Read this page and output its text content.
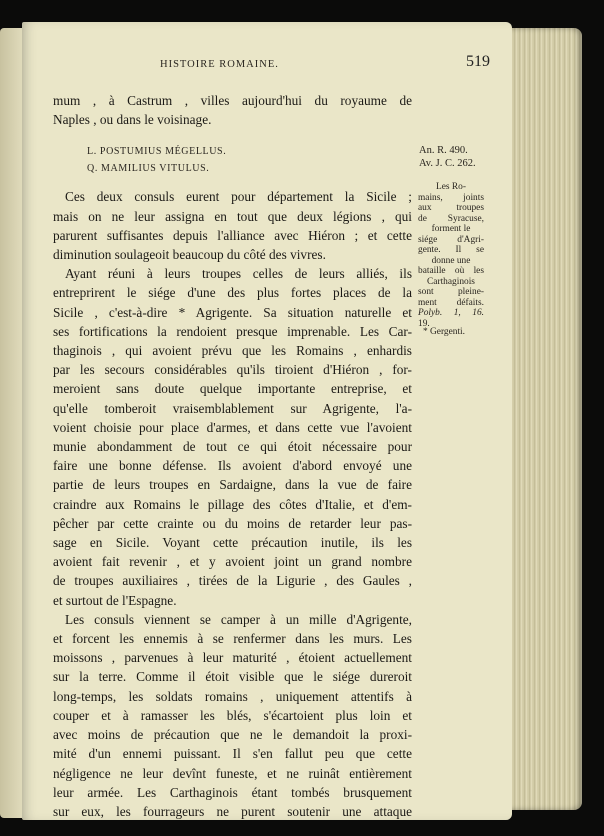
HISTOIRE ROMAINE.	519
mum , à Castrum , villes aujourd'hui du royaume de
Naples , ou dans le voisinage.
L. POSTUMIUS MÉGELLUS.
Q. MAMILIUS VITULUS.
Ces deux consuls eurent pour département la Sicile ;
mais on ne leur assigna en tout que deux légions , qui
parurent suffisantes depuis l'alliance avec Hiéron ; et cette
diminution soulageoit beaucoup du côté des vivres.
Ayant réuni à leurs troupes celles de leurs alliés, ils
entreprirent le siége d'une des plus fortes places de la
Sicile , c'est-à-dire * Agrigente. Sa situation naturelle et
ses fortifications la rendoient presque imprenable. Les Car-
thaginois , qui avoient prévu que les Romains , enhardis
par les secours considérables qu'ils tiroient d'Hiéron , for-
meroient sans doute quelque importante entreprise, et
qu'elle tomberoit vraisemblablement sur Agrigente, l'a-
voient choisie pour place d'armes, et dans cette vue l'avoient
munie abondamment de tout ce qui étoit nécessaire pour
faire une bonne défense. Ils avoient d'abord envoyé une
partie de leurs troupes en Sardaigne, dans la vue de faire
craindre aux Romains le pillage des côtes d'Italie, et d'em-
pêcher par cette crainte ou du moins de retarder leur pas-
sage en Sicile. Voyant cette précaution inutile, ils les
avoient fait revenir , et y avoient joint un grand nombre
de troupes auxiliaires , tirées de la Ligurie , des Gaules ,
et surtout de l'Espagne.
Les consuls viennent se camper à un mille d'Agrigente,
et forcent les ennemis à se renfermer dans les murs. Les
moissons , parvenues à leur maturité , étoient actuellement
sur la terre. Comme il étoit visible que le siége dureroit
long-temps, les soldats romains , uniquement attentifs à
couper et à ramasser les blés, s'écartoient plus loin et
avec moins de précaution que ne le demandoit la proxi-
mité d'un ennemi puissant. Il s'en fallut peu que cette
négligence ne leur devînt funeste, et ne ruinât entièrement
leur armée. Les Carthaginois étant tombés brusquement
sur eux, les fourrageurs ne purent soutenir une attaque
An. R. 490.
Av. J. C. 262.
Les Ro-
mains, joints
aux troupes
de Syracuse,
forment le
siége d'Agri-
gente. Il se
donne une
bataille où les
Carthaginois
sont pleine-
ment défaits.
Polyb. 1, 16.
19.
* Gergenti.
